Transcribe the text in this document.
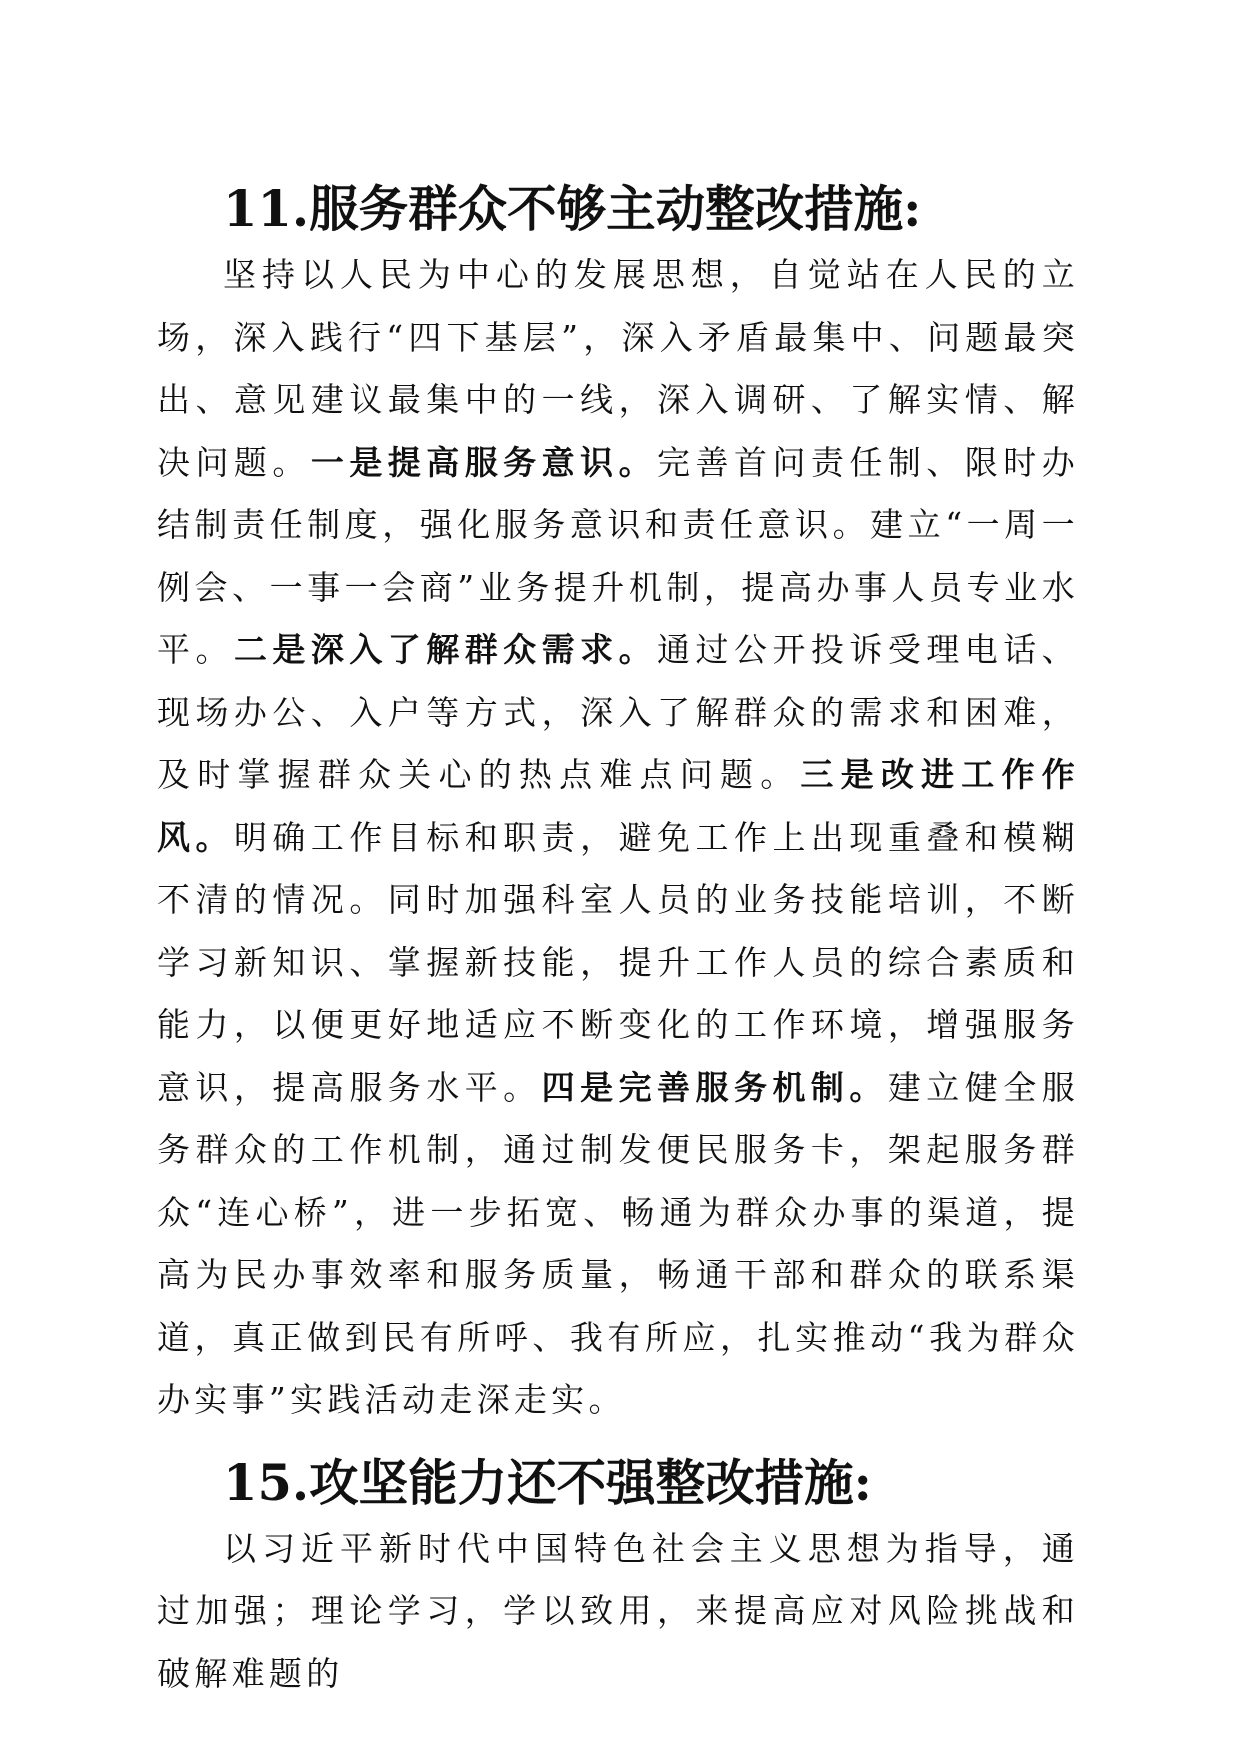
11.服务群众不够主动整改措施:

坚持以人民为中心的发展思想，自觉站在人民的立场，深入践行“四下基层”，深入矛盾最集中、问题最突出、意见建议最集中的一线，深入调研、了解实情、解决问题。一是提高服务意识。完善首问责任制、限时办结制责任制度，强化服务意识和责任意识。建立“一周一例会、一事一会商”业务提升机制，提高办事人员专业水平。二是深入了解群众需求。通过公开投诉受理电话、现场办公、入户等方式，深入了解群众的需求和困难，及时掌握群众关心的热点难点问题。三是改进工作作风。明确工作目标和职责，避免工作上出现重叠和模糊不清的情况。同时加强科室人员的业务技能培训，不断学习新知识、掌握新技能，提升工作人员的综合素质和能力，以便更好地适应不断变化的工作环境，增强服务意识，提高服务水平。四是完善服务机制。建立健全服务群众的工作机制，通过制发便民服务卡，架起服务群众“连心桥”，进一步拓宽、畅通为群众办事的渠道，提高为民办事效率和服务质量，畅通干部和群众的联系渠道，真正做到民有所呼、我有所应，扎实推动“我为群众办实事”实践活动走深走实。

15.攻坚能力还不强整改措施:

以习近平新时代中国特色社会主义思想为指导，通过加强；理论学习，学以致用，来提高应对风险挑战和破解难题的
